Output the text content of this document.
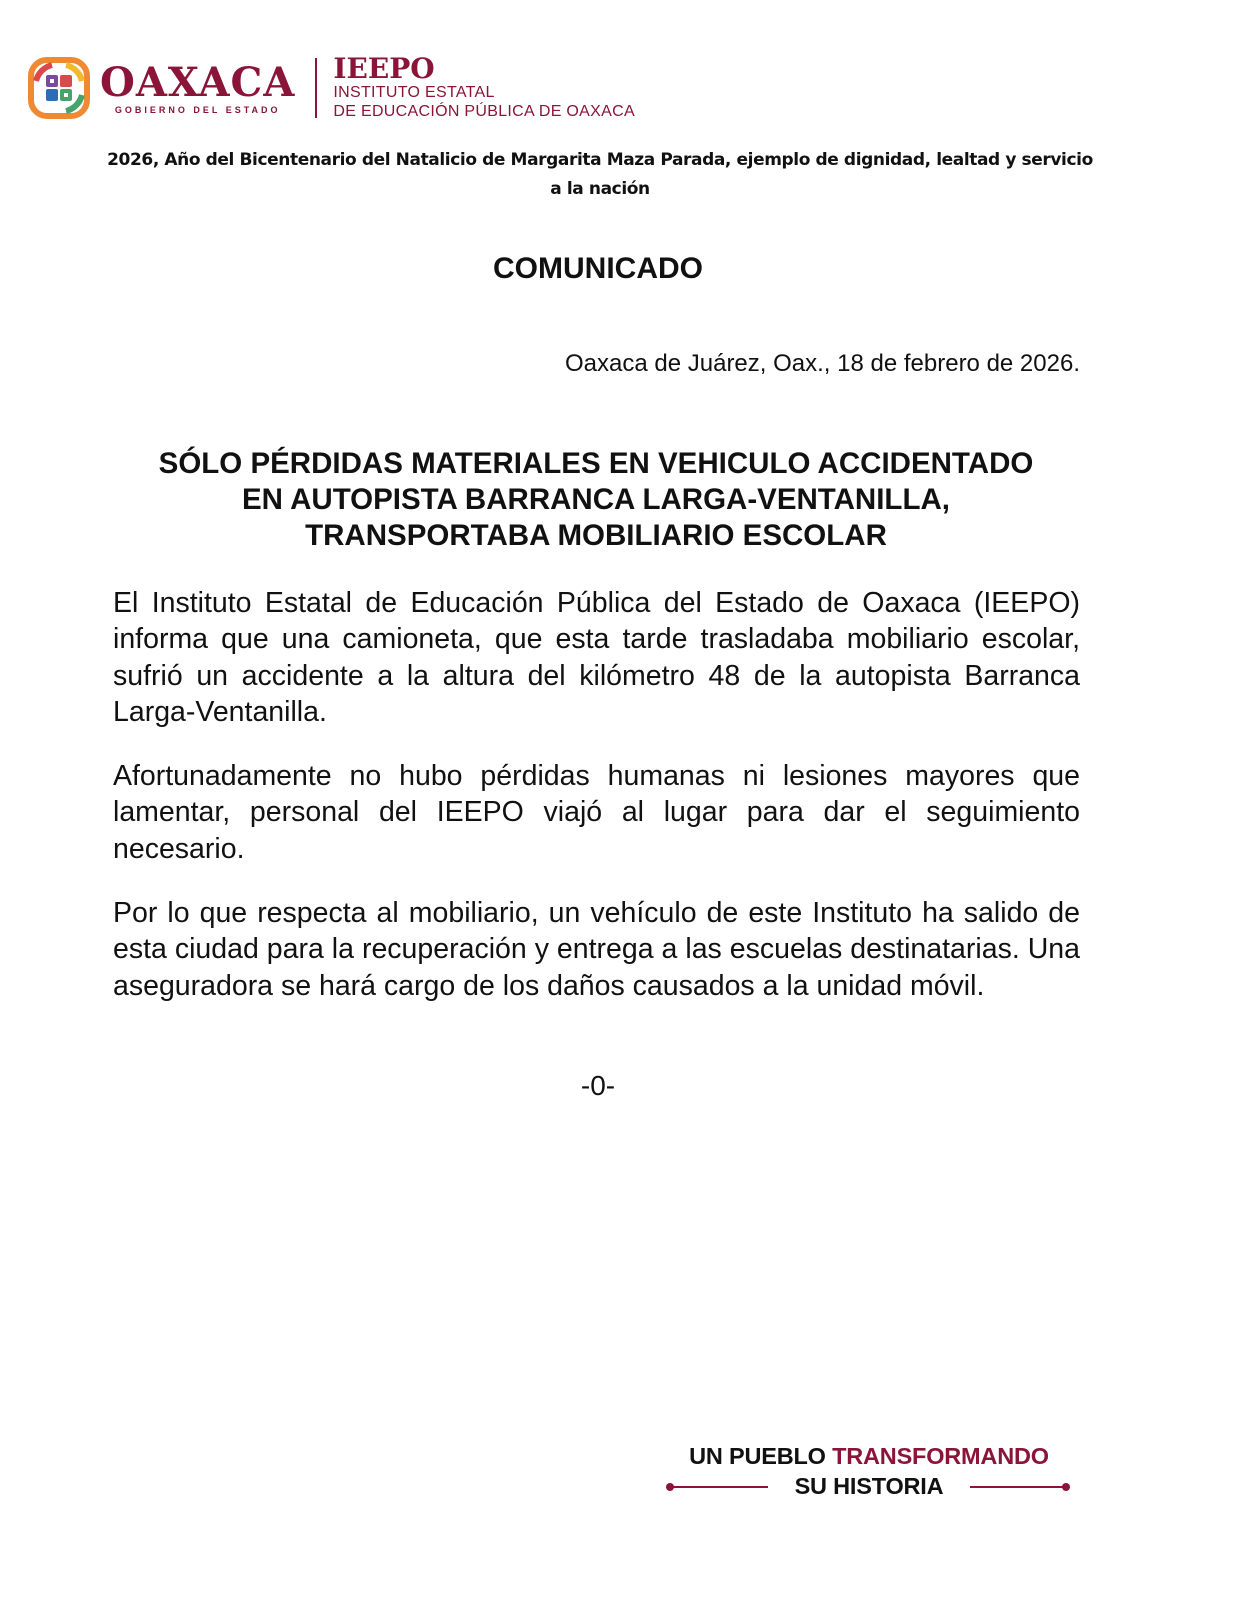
OAXACA
GOBIERNO DEL ESTADO
IEEPO
INSTITUTO ESTATAL
DE EDUCACIÓN PÚBLICA DE OAXACA
2026, Año del Bicentenario del Natalicio de Margarita Maza Parada, ejemplo de dignidad, lealtad y servicio
a la nación
COMUNICADO
Oaxaca de Juárez, Oax., 18 de febrero de 2026.
SÓLO PÉRDIDAS MATERIALES EN VEHICULO ACCIDENTADO
EN AUTOPISTA BARRANCA LARGA-VENTANILLA,
TRANSPORTABA MOBILIARIO ESCOLAR

El Instituto Estatal de Educación Pública del Estado de Oaxaca (IEEPO) informa que una camioneta, que esta tarde trasladaba mobiliario escolar, sufrió un accidente a la altura del kilómetro 48 de la autopista Barranca Larga-Ventanilla.

Afortunadamente no hubo pérdidas humanas ni lesiones mayores que lamentar, personal del IEEPO viajó al lugar para dar el seguimiento necesario.

Por lo que respecta al mobiliario, un vehículo de este Instituto ha salido de esta ciudad para la recuperación y entrega a las escuelas destinatarias. Una aseguradora se hará cargo de los daños causados a la unidad móvil.

-0-
UN PUEBLO TRANSFORMANDO
SU HISTORIA
